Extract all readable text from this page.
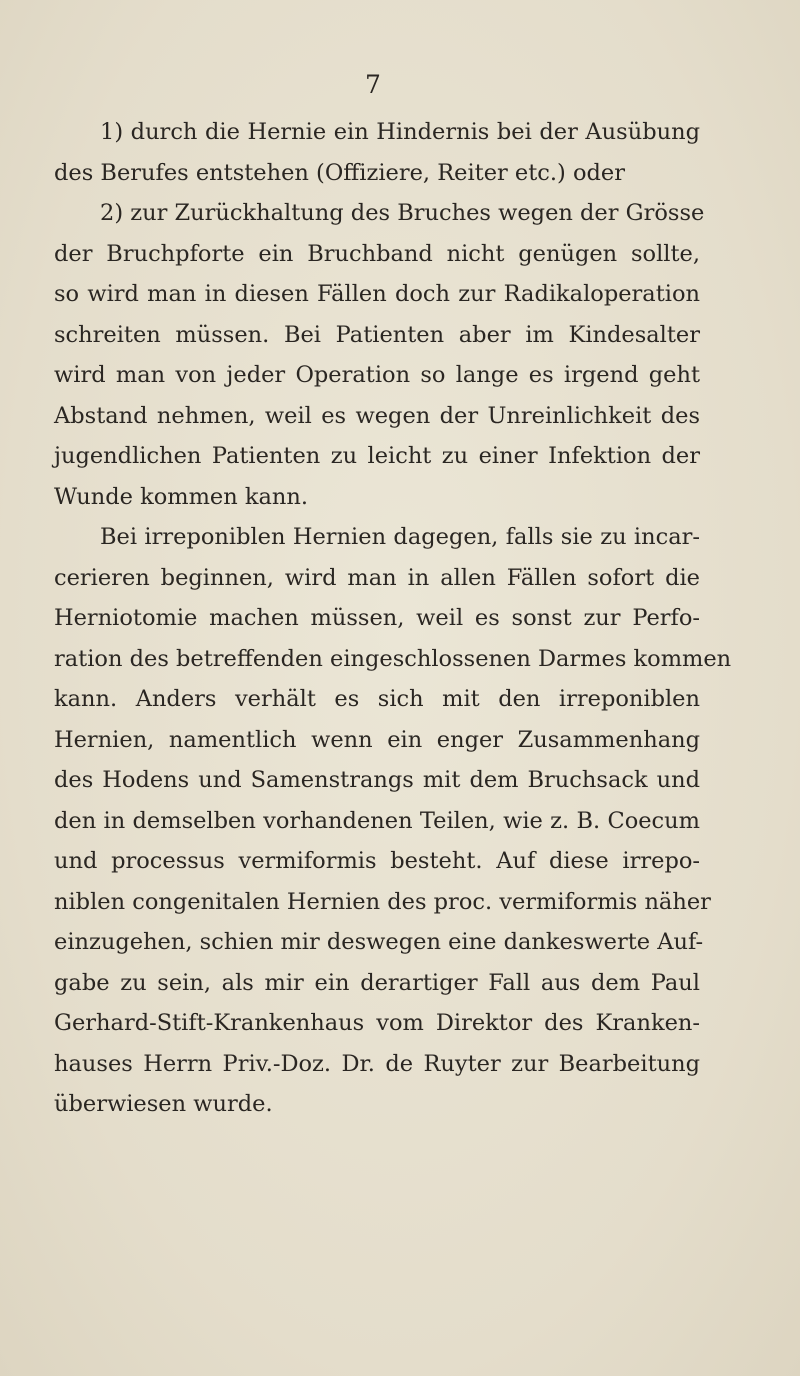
7
1) durch die Hernie ein Hindernis bei der Ausübung
des Berufes entstehen (Offiziere, Reiter etc.) oder
2) zur Zurückhaltung des Bruches wegen der Grösse
der Bruchpforte ein Bruchband nicht genügen sollte,
so wird man in diesen Fällen doch zur Radikaloperation
schreiten müssen. Bei Patienten aber im Kindesalter
wird man von jeder Operation so lange es irgend geht
Abstand nehmen, weil es wegen der Unreinlichkeit des
jugendlichen Patienten zu leicht zu einer Infektion der
Wunde kommen kann.
Bei irreponiblen Hernien dagegen, falls sie zu incar-
cerieren beginnen, wird man in allen Fällen sofort die
Herniotomie machen müssen, weil es sonst zur Perfo-
ration des betreffenden eingeschlossenen Darmes kommen
kann. Anders verhält es sich mit den irreponiblen
Hernien, namentlich wenn ein enger Zusammenhang
des Hodens und Samenstrangs mit dem Bruchsack und
den in demselben vorhandenen Teilen, wie z. B. Coecum
und processus vermiformis besteht. Auf diese irrepo-
niblen congenitalen Hernien des proc. vermiformis näher
einzugehen, schien mir deswegen eine dankeswerte Auf-
gabe zu sein, als mir ein derartiger Fall aus dem Paul
Gerhard-Stift-Krankenhaus vom Direktor des Kranken-
hauses Herrn Priv.-Doz. Dr. de Ruyter zur Bearbeitung
überwiesen wurde.
